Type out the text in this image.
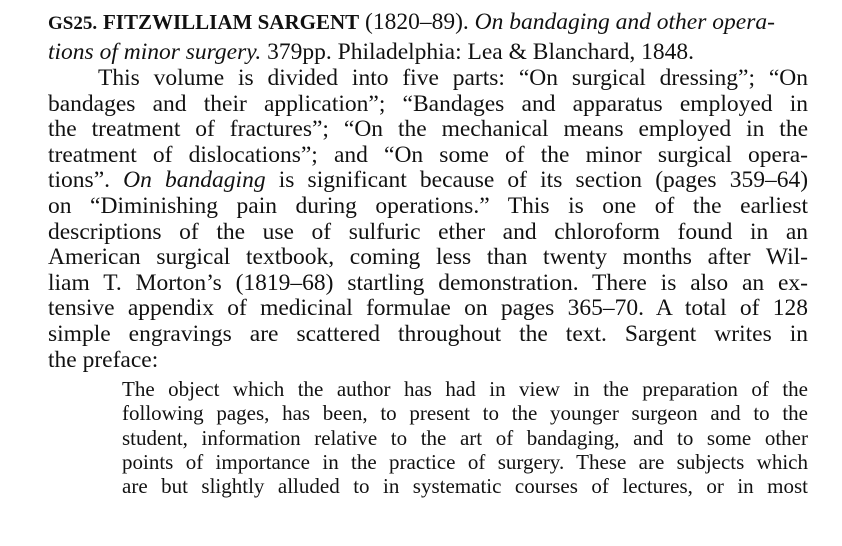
GS25. FITZWILLIAM SARGENT (1820–89). On bandaging and other opera-
tions of minor surgery. 379pp. Philadelphia: Lea & Blanchard, 1848.

This volume is divided into five parts: “On surgical dressing”; “On
bandages and their application”; “Bandages and apparatus employed in
the treatment of fractures”; “On the mechanical means employed in the
treatment of dislocations”; and “On some of the minor surgical opera-
tions”. On bandaging is significant because of its section (pages 359–64)
on “Diminishing pain during operations.” This is one of the earliest
descriptions of the use of sulfuric ether and chloroform found in an
American surgical textbook, coming less than twenty months after Wil-
liam T. Morton’s (1819–68) startling demonstration. There is also an ex-
tensive appendix of medicinal formulae on pages 365–70. A total of 128
simple engravings are scattered throughout the text. Sargent writes in
the preface:

The object which the author has had in view in the preparation of the
following pages, has been, to present to the younger surgeon and to the
student, information relative to the art of bandaging, and to some other
points of importance in the practice of surgery. These are subjects which
are but slightly alluded to in systematic courses of lectures, or in most
